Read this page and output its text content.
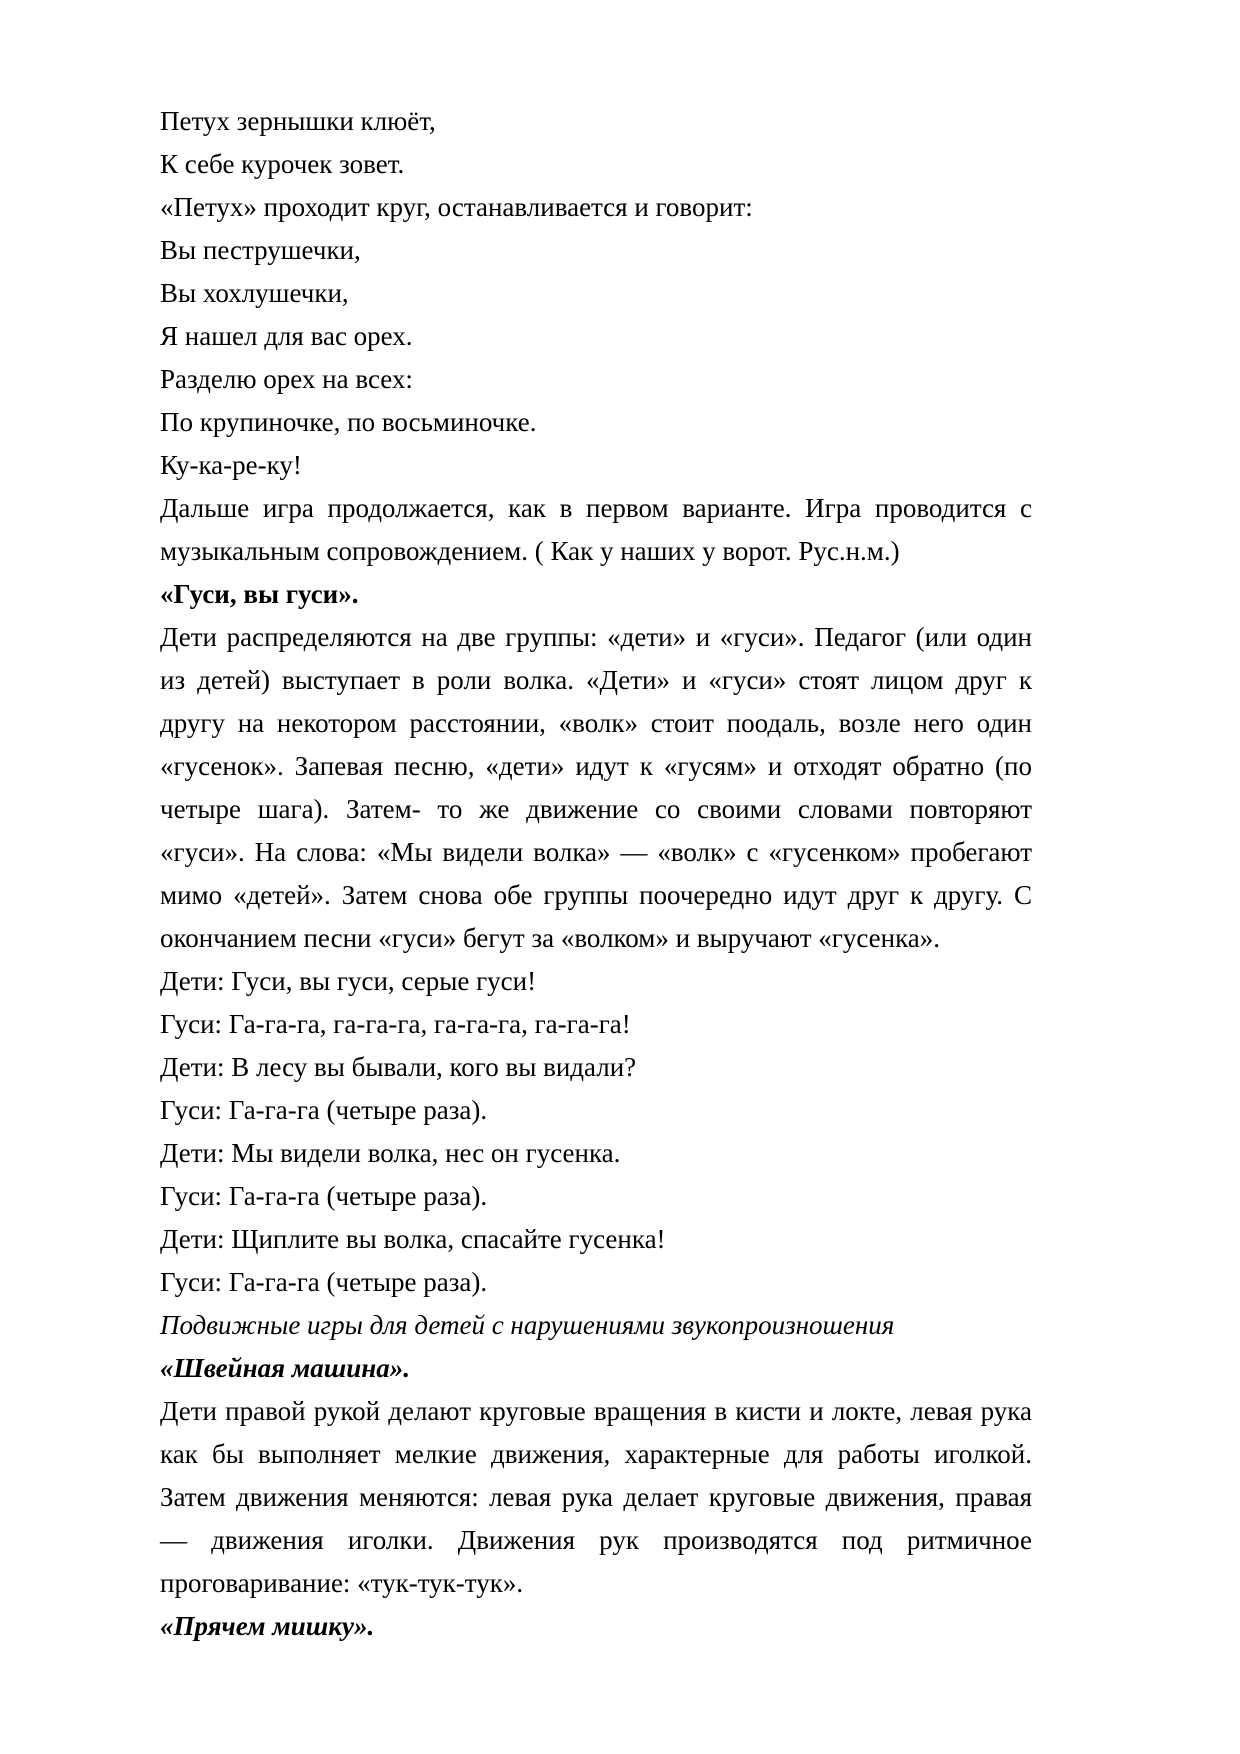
Петух зернышки клюёт,

К себе курочек зовет.

«Петух» проходит круг, останавливается и говорит:

Вы пеструшечки,

Вы хохлушечки,

Я нашел для вас орех.

Разделю орех на всех:

По крупиночке, по восьминочке.

Ку-ка-ре-ку!

Дальше игра продолжается, как в первом варианте. Игра проводится с музыкальным сопровождением. ( Как у наших у ворот. Рус.н.м.)

«Гуси, вы гуси».

Дети распределяются на две группы: «дети» и «гуси». Педагог (или один из детей) выступает в роли волка. «Дети» и «гуси» стоят лицом друг к другу на некотором расстоянии, «волк» стоит поодаль, возле него один «гусенок». Запевая песню, «дети» идут к «гусям» и отходят обратно (по четыре шага). Затем- то же движение со своими словами повторяют «гуси». На слова: «Мы видели волка» — «волк» с «гусенком» пробегают мимо «детей». Затем снова обе группы поочередно идут друг к другу. С окончанием песни «гуси» бегут за «волком» и выручают «гусенка».

Дети: Гуси, вы гуси, серые гуси!

Гуси: Га-га-га, га-га-га, га-га-га, га-га-га!

Дети: В лесу вы бывали, кого вы видали?

Гуси: Га-га-га (четыре раза).

Дети: Мы видели волка, нес он гусенка.

Гуси: Га-га-га (четыре раза).

Дети: Щиплите вы волка, спасайте гусенка!

Гуси: Га-га-га (четыре раза).

Подвижные игры для детей с нарушениями звукопроизношения

«Швейная машина».

Дети правой рукой делают круговые вращения в кисти и локте, левая рука как бы выполняет мелкие движения, характерные для работы иголкой. Затем движения меняются: левая рука делает круговые движения, правая — движения иголки. Движения рук производятся под ритмичное проговаривание: «тук-тук-тук».

«Прячем мишку».
